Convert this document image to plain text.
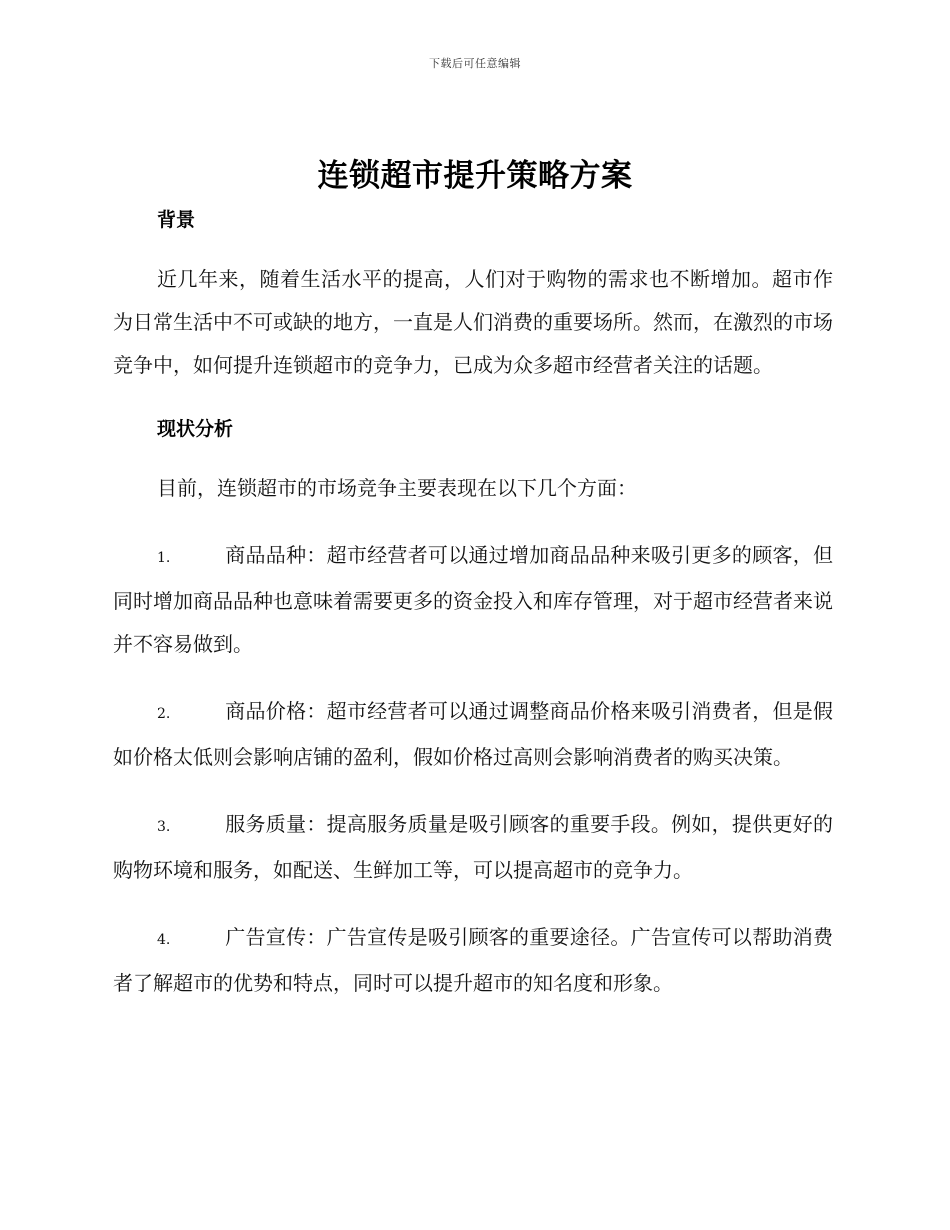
下载后可任意编辑
连锁超市提升策略方案

背景

近几年来，随着生活水平的提高，人们对于购物的需求也不断增加。超市作为日常生活中不可或缺的地方，一直是人们消费的重要场所。然而，在激烈的市场竞争中，如何提升连锁超市的竞争力，已成为众多超市经营者关注的话题。

现状分析

目前，连锁超市的市场竞争主要表现在以下几个方面：

1.	商品品种：超市经营者可以通过增加商品品种来吸引更多的顾客，但同时增加商品品种也意味着需要更多的资金投入和库存管理，对于超市经营者来说并不容易做到。

2.	商品价格：超市经营者可以通过调整商品价格来吸引消费者，但是假如价格太低则会影响店铺的盈利，假如价格过高则会影响消费者的购买决策。

3.	服务质量：提高服务质量是吸引顾客的重要手段。例如，提供更好的购物环境和服务，如配送、生鲜加工等，可以提高超市的竞争力。

4.	广告宣传：广告宣传是吸引顾客的重要途径。广告宣传可以帮助消费者了解超市的优势和特点，同时可以提升超市的知名度和形象。
